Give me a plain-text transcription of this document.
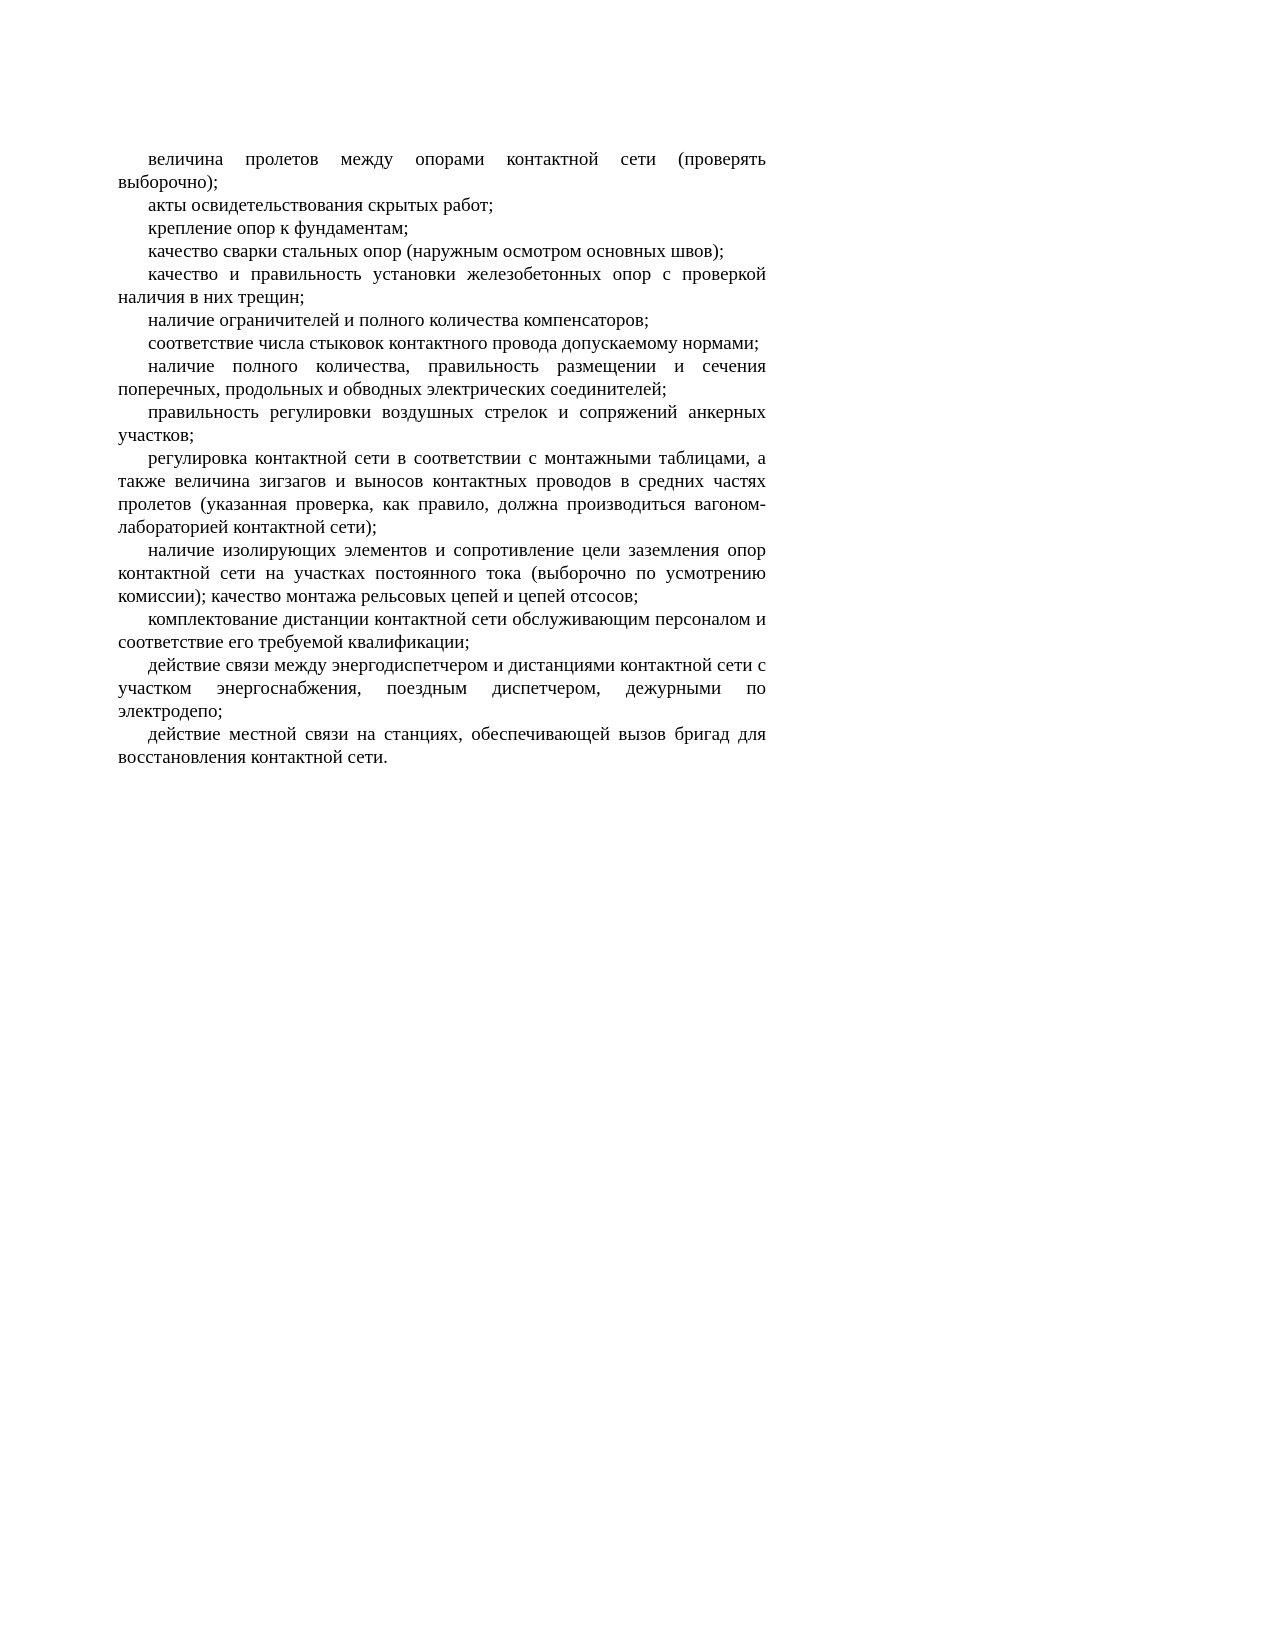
величина пролетов между опорами контактной сети (проверять выборочно);

акты освидетельствования скрытых работ;

крепление опор к фундаментам;

качество сварки стальных опор (наружным осмотром основных швов);

качество и правильность установки железобетонных опор с проверкой наличия в них трещин;

наличие ограничителей и полного количества компенсаторов;

соответствие числа стыковок контактного провода допускаемому нормами;

наличие полного количества, правильность размещении и сечения поперечных, продольных и обводных электрических соединителей;

правильность регулировки воздушных стрелок и сопряжений анкерных участков;

регулировка контактной сети в соответствии с монтажными таблицами, а также величина зигзагов и выносов контактных проводов в средних частях пролетов (указанная проверка, как правило, должна производиться вагоном-лабораторией контактной сети);

наличие изолирующих элементов и сопротивление цели заземления опор контактной сети на участках постоянного тока (выборочно по усмотрению комиссии); качество монтажа рельсовых цепей и цепей отсосов;

комплектование дистанции контактной сети обслуживающим персоналом и соответствие его требуемой квалификации;

действие связи между энергодиспетчером и дистанциями контактной сети с участком энергоснабжения, поездным диспетчером, дежурными по электродепо;

действие местной связи на станциях, обеспечивающей вызов бригад для восстановления контактной сети.
